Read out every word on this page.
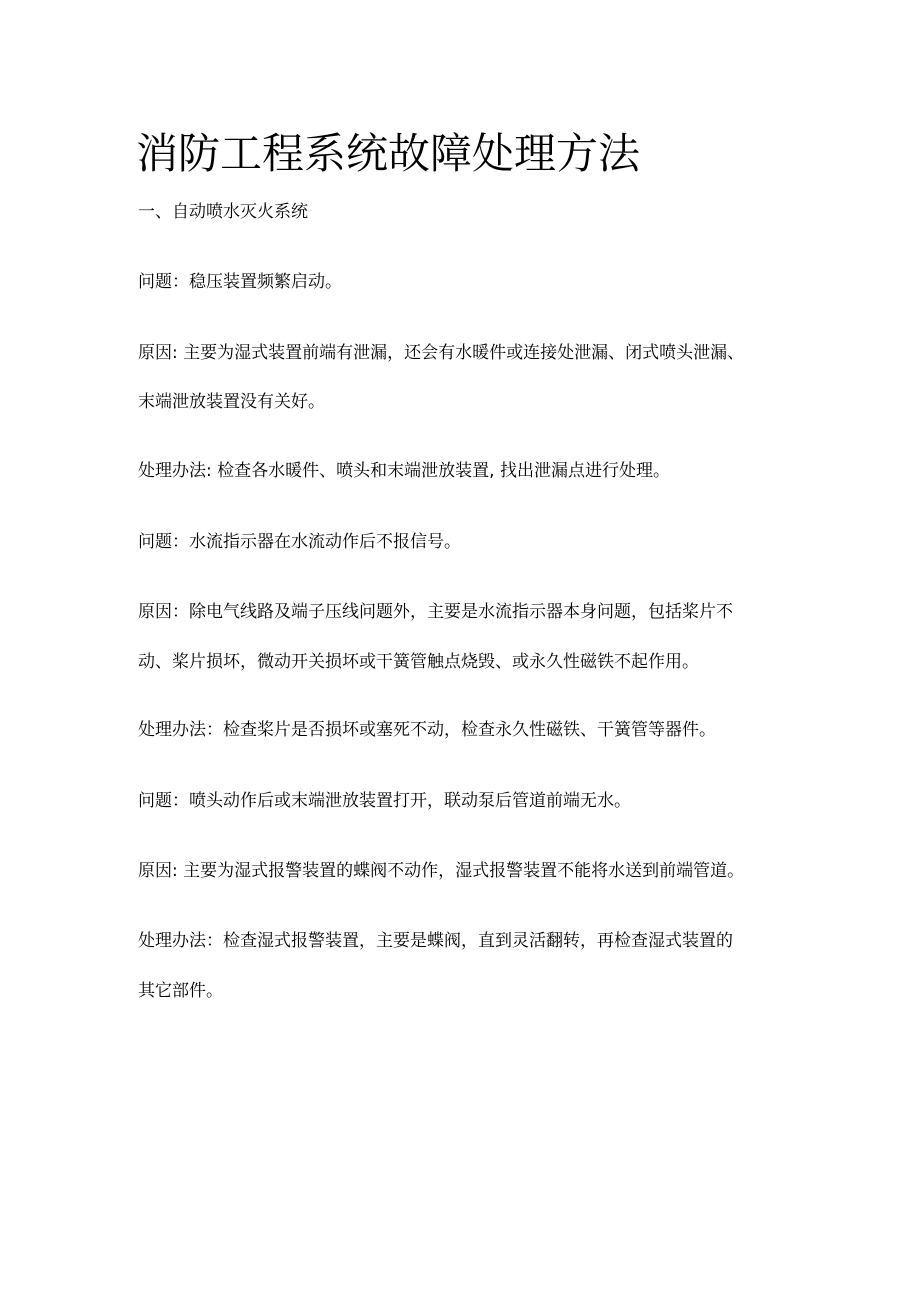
消防工程系统故障处理方法
一、自动喷水灭火系统

问题：稳压装置频繁启动。

原因: 主要为湿式装置前端有泄漏，还会有水暖件或连接处泄漏、闭式喷头泄漏、

末端泄放装置没有关好。

处理办法: 检查各水暖件、喷头和末端泄放装置, 找出泄漏点进行处理。

问题：水流指示器在水流动作后不报信号。

原因：除电气线路及端子压线问题外，主要是水流指示器本身问题，包括桨片不

动、桨片损坏，微动开关损坏或干簧管触点烧毁、或永久性磁铁不起作用。

处理办法：检查桨片是否损坏或塞死不动，检查永久性磁铁、干簧管等器件。

问题：喷头动作后或末端泄放装置打开，联动泵后管道前端无水。

原因: 主要为湿式报警装置的蝶阀不动作，湿式报警装置不能将水送到前端管道。

处理办法：检查湿式报警装置，主要是蝶阀，直到灵活翻转，再检查湿式装置的

其它部件。
